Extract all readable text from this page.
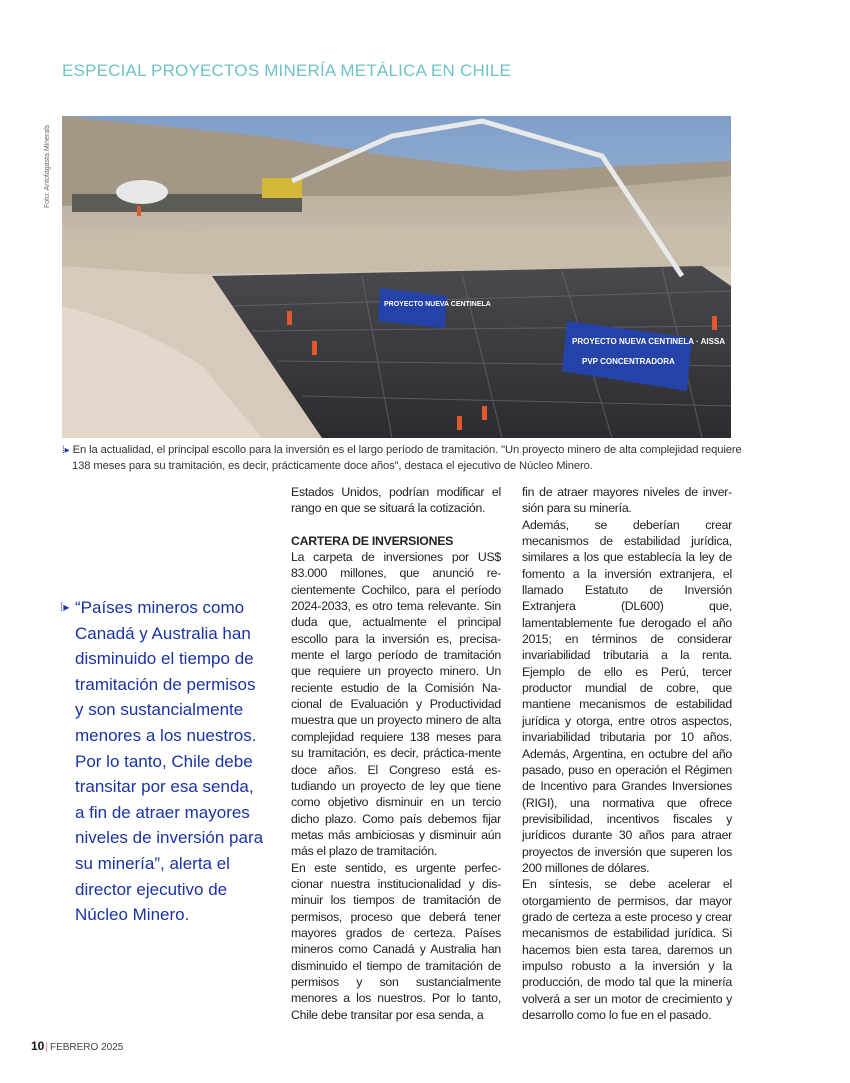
ESPECIAL PROYECTOS MINERÍA METÁLICA EN CHILE
Foto: Antofagasta Minerals
PROYECTO NUEVA CENTINELA
PROYECTO NUEVA CENTINELA · AISSA
PVP CONCENTRADORA
⁞▸ En la actualidad, el principal escollo para la inversión es el largo período de tramitación. "Un proyecto minero de alta complejidad requiere 138 meses para su tramitación, es decir, prácticamente doce años", destaca el ejecutivo de Núcleo Minero.
⁞▸ “Países mineros como Canadá y Australia han disminuido el tiempo de tramitación de permisos y son sustancialmente menores a los nuestros. Por lo tanto, Chile debe transitar por esa senda, a fin de atraer mayores niveles de inversión para su minería”, alerta el director ejecutivo de Núcleo Minero.

Estados Unidos, podrían modificar el rango en que se situará la cotización.

CARTERA DE INVERSIONES

La carpeta de inversiones por US$ 83.000 millones, que anunció re-cientemente Cochilco, para el período 2024-2033, es otro tema relevante. Sin duda que, actualmente el principal escollo para la inversión es, precisa-mente el largo período de tramitación que requiere un proyecto minero. Un reciente estudio de la Comisión Na-cional de Evaluación y Productividad muestra que un proyecto minero de alta complejidad requiere 138 meses para su tramitación, es decir, práctica-mente doce años. El Congreso está es-tudiando un proyecto de ley que tiene como objetivo disminuir en un tercio dicho plazo. Como país debemos fijar metas más ambiciosas y disminuir aún más el plazo de tramitación.

En este sentido, es urgente perfec-cionar nuestra institucionalidad y dis-minuir los tiempos de tramitación de permisos, proceso que deberá tener mayores grados de certeza. Países mineros como Canadá y Australia han disminuido el tiempo de tramitación de permisos y son sustancialmente menores a los nuestros. Por lo tanto, Chile debe transitar por esa senda, a

fin de atraer mayores niveles de inver-sión para su minería.

Además, se deberían crear mecanismos de estabilidad jurídica, similares a los que establecía la ley de fomento a la inversión extranjera, el llamado Estatuto de Inversión Extranjera (DL600) que, lamentablemente fue derogado el año 2015; en términos de considerar invariabilidad tributaria a la renta. Ejemplo de ello es Perú, tercer productor mundial de cobre, que mantiene mecanismos de estabilidad jurídica y otorga, entre otros aspectos, invariabilidad tributaria por 10 años. Además, Argentina, en octubre del año pasado, puso en operación el Régimen de Incentivo para Grandes Inversiones (RIGI), una normativa que ofrece previsibilidad, incentivos fiscales y jurídicos durante 30 años para atraer proyectos de inversión que superen los 200 millones de dólares.

En síntesis, se debe acelerar el otorgamiento de permisos, dar mayor grado de certeza a este proceso y crear mecanismos de estabilidad jurídica. Si hacemos bien esta tarea, daremos un impulso robusto a la inversión y la producción, de modo tal que la minería volverá a ser un motor de crecimiento y desarrollo como lo fue en el pasado.

10| FEBRERO 2025
